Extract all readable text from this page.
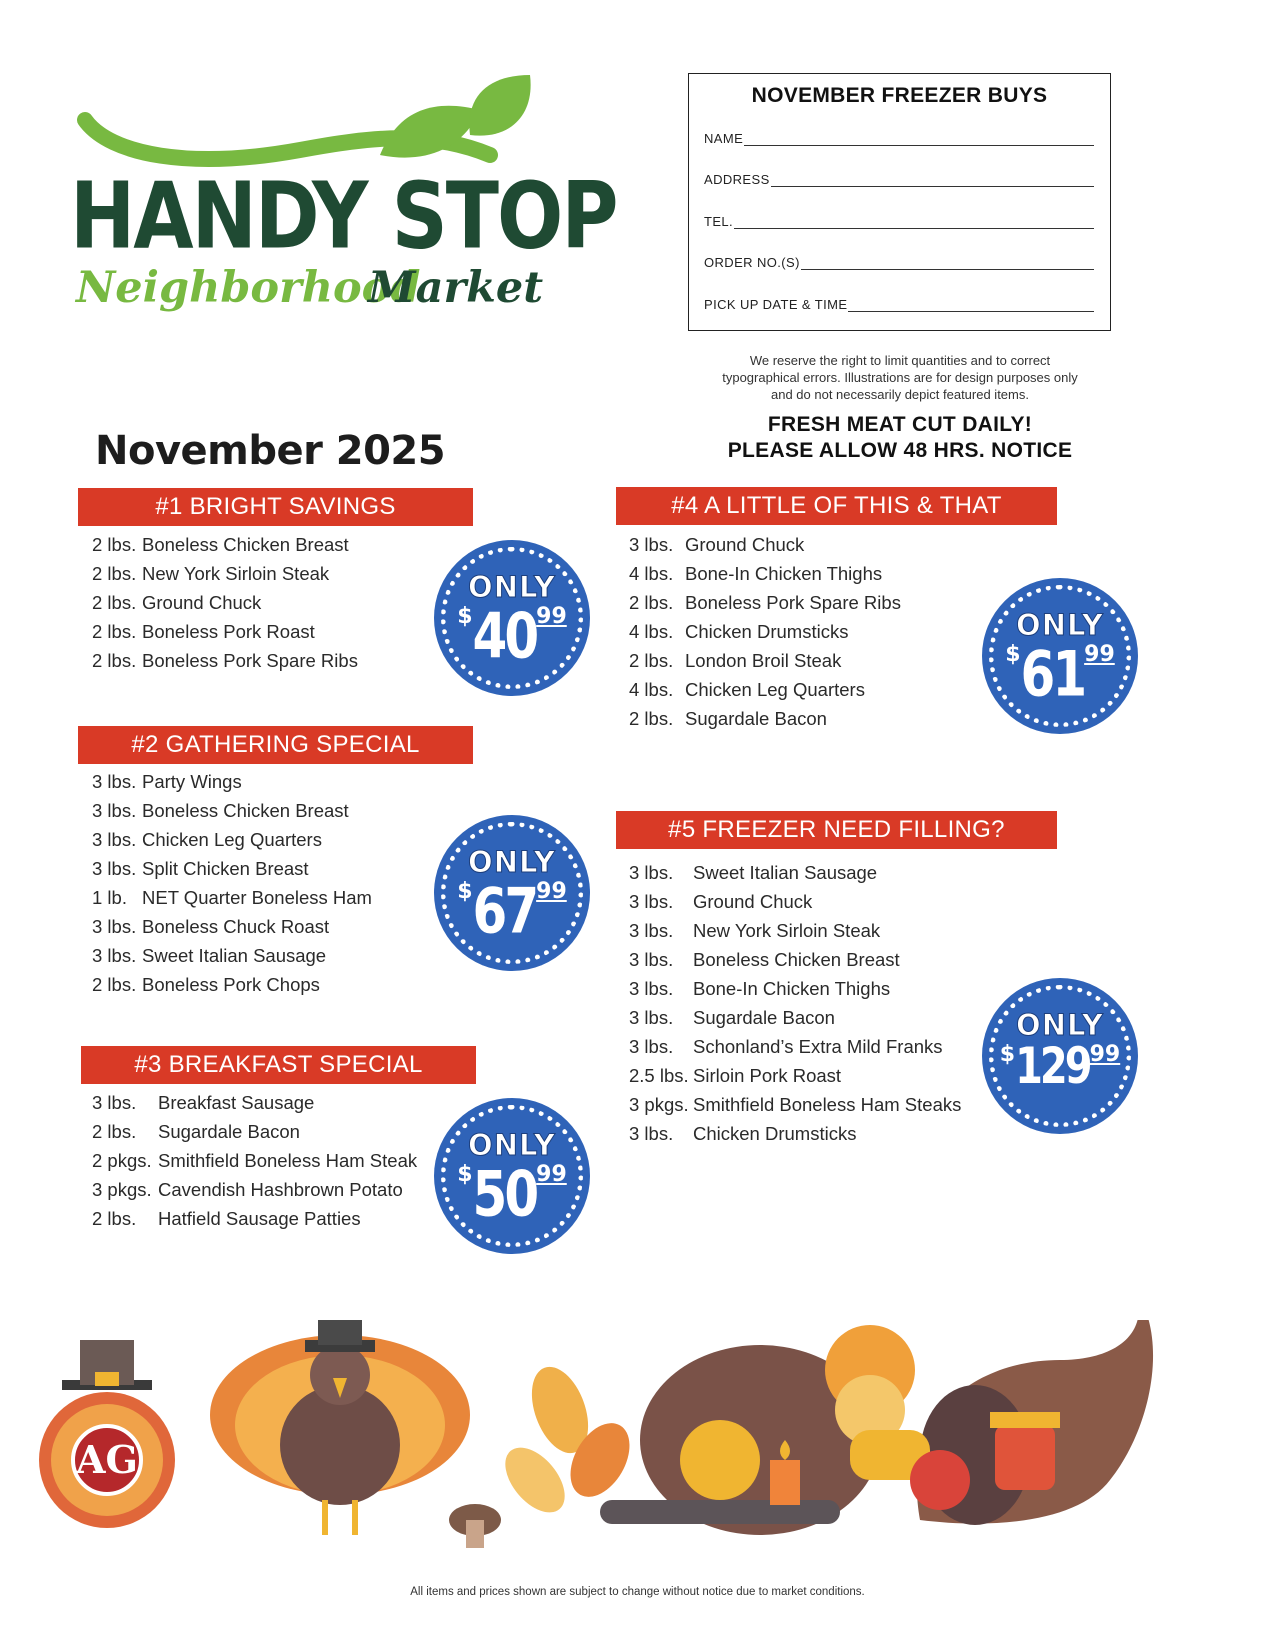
HANDY STOP
Neighborhood
Market
NOVEMBER FREEZER BUYS
NAME
ADDRESS
TEL.
ORDER NO.(S)
PICK UP DATE & TIME
We reserve the right to limit quantities and to correct
typographical errors. Illustrations are for design purposes only
and do not necessarily depict featured items.
FRESH MEAT CUT DAILY!
PLEASE ALLOW 48 HRS. NOTICE
November 2025
#1 BRIGHT SAVINGS
2 lbs. Boneless Chicken Breast
2 lbs. New York Sirloin Steak
2 lbs. Ground Chuck
2 lbs. Boneless Pork Roast
2 lbs. Boneless Pork Spare Ribs
ONLY
$4099
#2 GATHERING SPECIAL
3 lbs. Party Wings
3 lbs. Boneless Chicken Breast
3 lbs. Chicken Leg Quarters
3 lbs. Split Chicken Breast
1 lb. NET Quarter Boneless Ham
3 lbs. Boneless Chuck Roast
3 lbs. Sweet Italian Sausage
2 lbs. Boneless Pork Chops
ONLY
$6799
#3 BREAKFAST SPECIAL
3 lbs.	Breakfast Sausage
2 lbs.	Sugardale Bacon
2 pkgs. Smithfield Boneless Ham Steak
3 pkgs. Cavendish Hashbrown Potato
2 lbs.	Hatfield Sausage Patties
ONLY
$5099
#4 A LITTLE OF THIS & THAT
3 lbs. Ground Chuck
4 lbs. Bone-In Chicken Thighs
2 lbs. Boneless Pork Spare Ribs
4 lbs. Chicken Drumsticks
2 lbs. London Broil Steak
4 lbs. Chicken Leg Quarters
2 lbs. Sugardale Bacon
ONLY
$6199
#5 FREEZER NEED FILLING?
3 lbs.	Sweet Italian Sausage
3 lbs.	Ground Chuck
3 lbs.	New York Sirloin Steak
3 lbs.	Boneless Chicken Breast
3 lbs.	Bone-In Chicken Thighs
3 lbs.	Sugardale Bacon
3 lbs.	Schonland’s Extra Mild Franks
2.5 lbs. Sirloin Pork Roast
3 pkgs. Smithfield Boneless Ham Steaks
3 lbs.	Chicken Drumsticks
ONLY
$12999
AG
All items and prices shown are subject to change without notice due to market conditions.
